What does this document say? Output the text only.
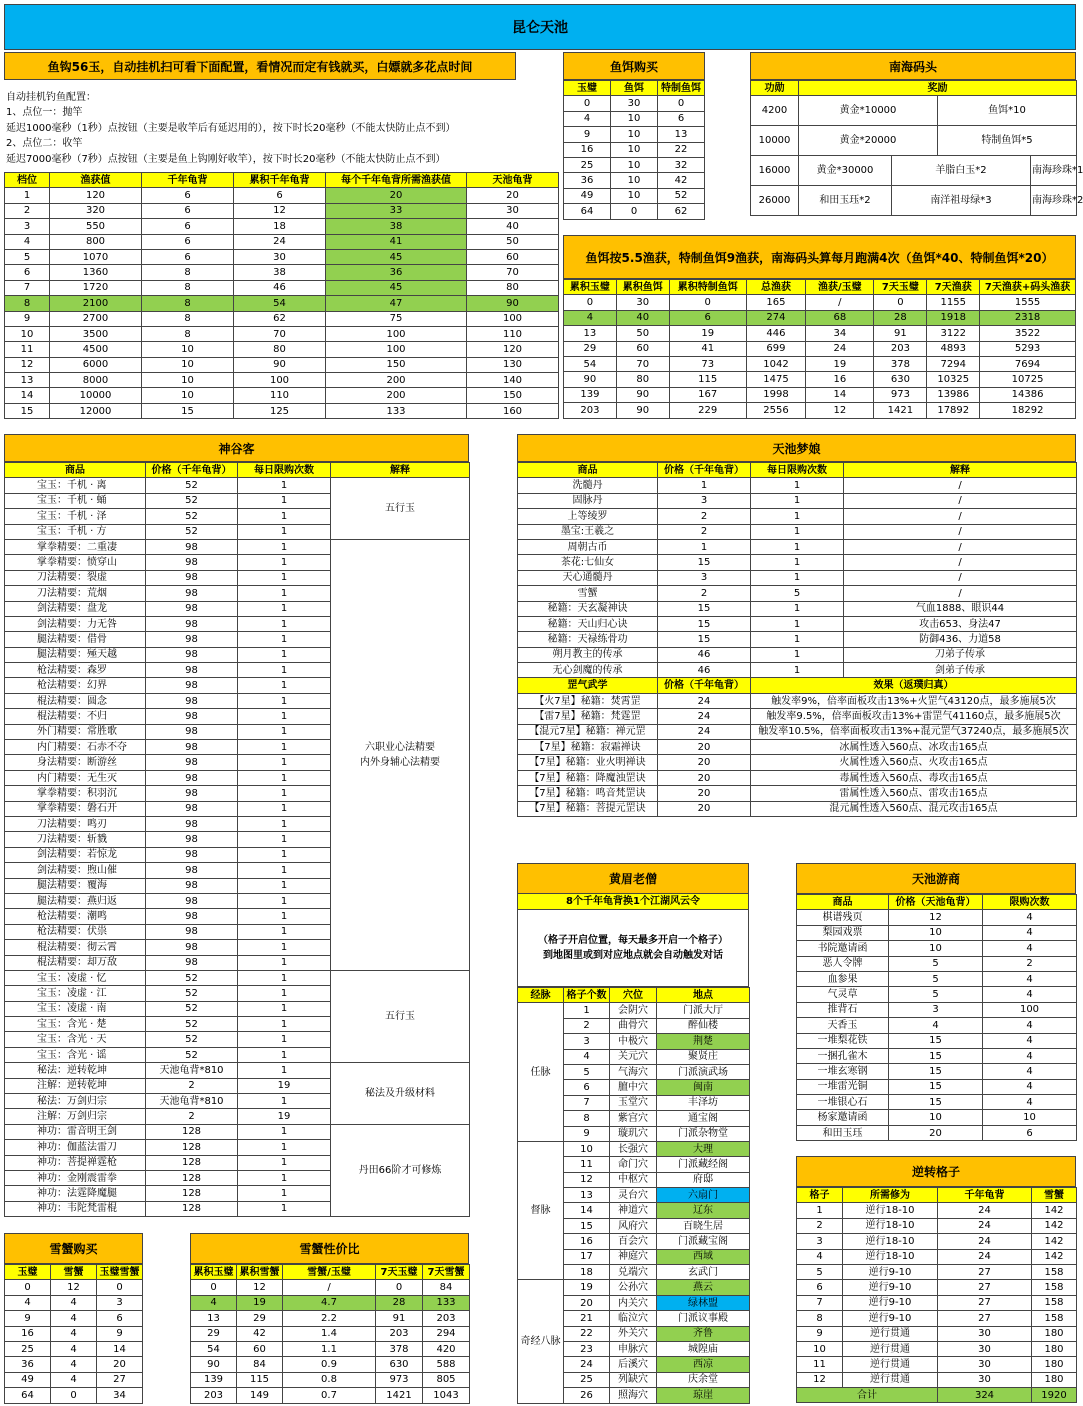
昆仑天池
鱼钩56玉，自动挂机扫可看下面配置，看情况而定有钱就买，白嫖就多花点时间
自动挂机钓鱼配置：
1、点位一：抛竿
延迟1000毫秒（1秒）点按钮（主要是收竿后有延迟用的），按下时长20毫秒（不能太快防止点不到）
2、点位二：收竿
延迟7000毫秒（7秒）点按钮（主要是鱼上钩刚好收竿），按下时长20毫秒（不能太快防止点不到）
档位	渔获值	千年龟背	累积千年龟背	每个千年龟背所需渔获值	天池龟背
1	120	6	6	20	20
2	320	6	12	33	30
3	550	6	18	38	40
4	800	6	24	41	50
5	1070	6	30	45	60
6	1360	8	38	36	70
7	1720	8	46	45	80
8	2100	8	54	47	90
9	2700	8	62	75	100
10	3500	8	70	100	110
11	4500	10	80	100	120
12	6000	10	90	150	130
13	8000	10	100	200	140
14	10000	10	110	200	150
15	12000	15	125	133	160
鱼饵购买
玉璧	鱼饵	特制鱼饵
0	30	0
4	10	6
9	10	13
16	10	22
25	10	32
36	10	42
49	10	52
64	0	62
南海码头
功勋	奖励			
4200	黄金*10000		鱼饵*10	
10000	黄金*20000		特制鱼饵*5	
16000	黄金*30000	羊脂白玉*2		南海珍珠*1
26000	和田玉珏*2	南洋祖母绿*3		南海珍珠*2
鱼饵按5.5渔获，特制鱼饵9渔获，南海码头算每月跑满4次（鱼饵*40、特制鱼饵*20）
累积玉璧	累积鱼饵	累积特制鱼饵	总渔获	渔获/玉璧	7天玉璧	7天渔获	7天渔获+码头渔获
0	30	0	165	/	0	1155	1555
4	40	6	274	68	28	1918	2318
13	50	19	446	34	91	3122	3522
29	60	41	699	24	203	4893	5293
54	70	73	1042	19	378	7294	7694
90	80	115	1475	16	630	10325	10725
139	90	167	1998	14	973	13986	14386
203	90	229	2556	12	1421	17892	18292
神谷客
商品	价格（千年龟背）	每日限购次数	解释
宝玉：千机 · 离	52	1	五行玉
宝玉：千机 · 蛹	52	1	
宝玉：千机 · 泽	52	1	
宝玉：千机 · 方	52	1	
掌拳精要：二重凄	98	1	六职业心法精要
内外身辅心法精要
掌拳精要：愤穿山	98	1	
刀法精要：裂虚	98	1	
刀法精要：荒烟	98	1	
剑法精要：盘龙	98	1	
剑法精要：力无咎	98	1	
腿法精要：借骨	98	1	
腿法精要：殛天越	98	1	
枪法精要：森罗	98	1	
枪法精要：幻界	98	1	
棍法精要：圆念	98	1	
棍法精要：不归	98	1	
外门精要：常胜歌	98	1	
内门精要：石赤不夺	98	1	
身法精要：断游丝	98	1	
内门精要：无生灭	98	1	
掌拳精要：积羽沉	98	1	
掌拳精要：磐石开	98	1	
刀法精要：鸣刃	98	1	
刀法精要：斩戮	98	1	
剑法精要：若惊龙	98	1	
剑法精要：煦山催	98	1	
腿法精要：覆海	98	1	
腿法精要：燕归返	98	1	
枪法精要：潮鸣	98	1	
枪法精要：伏祟	98	1	
棍法精要：彻云霄	98	1	
棍法精要：却万敌	98	1	
宝玉：凌虚 · 忆	52	1	五行玉
宝玉：凌虚 · 江	52	1	
宝玉：凌虚 · 南	52	1	
宝玉：含光 · 楚	52	1	
宝玉：含光 · 天	52	1	
宝玉：含光 · 谣	52	1	
秘法：逆转乾坤	天池龟背*810	1	秘法及升级材料
注解：逆转乾坤	2	19	
秘法：万剑归宗	天池龟背*810	1	
注解：万剑归宗	2	19	
神功：雷音明王剑	128	1	丹田66阶才可修炼
神功：伽蓝法雷刀	128	1	
神功：菩提禅霆枪	128	1	
神功：金刚震雷拳	128	1	
神功：法霆降魔腿	128	1	
神功：韦陀梵雷棍	128	1	
天池梦娘
商品	价格（千年龟背）	每日限购次数	解释
洗髓丹	1	1	/
固脉丹	3	1	/
上等绫罗	2	1	/
墨宝:王羲之	2	1	/
周朝古币	1	1	/
茶花:七仙女	15	1	/
天心通髓丹	3	1	/
雪蟹	2	5	/
秘籍：天玄凝神诀	15	1	气血1888、眼识44
秘籍：天山归心诀	15	1	攻击653、身法47
秘籍：天禄练骨功	15	1	防御436、力道58
朔月教主的传承	46	1	刀弟子传承
无心剑魔的传承	46	1	剑弟子传承
罡气武学	价格（千年龟背）	效果（返璞归真）	
【火7星】秘籍：焚霄罡	24	触发率9%，倍率面板攻击13%+火罡气43120点，最多施展5次	
【雷7星】秘籍：梵霆罡	24	触发率9.5%，倍率面板攻击13%+雷罡气41160点，最多施展5次	
【混元7星】秘籍：禅元罡	24	触发率10.5%，倍率面板攻击13%+混元罡气37240点，最多施展5次	
【7星】秘籍：寂霜禅诀	20	冰属性透入560点、冰攻击165点	
【7星】秘籍：业火明禅诀	20	火属性透入560点、火攻击165点	
【7星】秘籍：降魔浊罡诀	20	毒属性透入560点、毒攻击165点	
【7星】秘籍：鸣音梵罡诀	20	雷属性透入560点、雷攻击165点	
【7星】秘籍：菩提元罡诀	20	混元属性透入560点、混元攻击165点	
黄眉老僧
8个千年龟背换1个江湖风云令
（格子开启位置，每天最多开启一个格子）
到地图里或到对应地点就会自动触发对话
经脉	格子个数	穴位	地点
任脉	1	会阴穴	门派大厅
	2	曲骨穴	醉仙楼
	3	中极穴	荆楚
	4	关元穴	聚贤庄
	5	气海穴	门派演武场
	6	膻中穴	闽南
	7	玉堂穴	丰泽坊
	8	紫宫穴	通宝阁
	9	璇玑穴	门派杂物堂
督脉	10	长强穴	大理
	11	命门穴	门派藏经阁
	12	中枢穴	府邸
	13	灵台穴	六扇门
	14	神道穴	辽东
	15	风府穴	百晓生居
	16	百会穴	门派藏宝阁
	17	神庭穴	西域
	18	兑端穴	玄武门
奇经八脉	19	公孙穴	燕云
	20	内关穴	绿林盟
	21	临泣穴	门派议事殿
	22	外关穴	齐鲁
	23	申脉穴	城隍庙
	24	后溪穴	西凉
	25	列缺穴	庆余堂
	26	照海穴	琼崖
天池游商
商品	价格（天池龟背）	限购次数
棋谱残页	12	4
梨园戏票	10	4
书院邀请函	10	4
恶人令牌	5	2
血参果	5	4
气灵草	5	4
推背石	3	100
天香玉	4	4
一堆梨花铁	15	4
一捆孔雀木	15	4
一堆玄寒钢	15	4
一堆雷光铜	15	4
一堆银心石	15	4
杨家邀请函	10	10
和田玉珏	20	6
逆转格子
格子	所需修为	千年龟背	雪蟹
1	逆行18-10	24	142
2	逆行18-10	24	142
3	逆行18-10	24	142
4	逆行18-10	24	142
5	逆行9-10	27	158
6	逆行9-10	27	158
7	逆行9-10	27	158
8	逆行9-10	27	158
9	逆行贯通	30	180
10	逆行贯通	30	180
11	逆行贯通	30	180
12	逆行贯通	30	180
合计		324	1920
雪蟹购买
玉璧	雪蟹	玉璧雪蟹
0	12	0
4	4	3
9	4	6
16	4	9
25	4	14
36	4	20
49	4	27
64	0	34
雪蟹性价比
累积玉璧	累积雪蟹	雪蟹/玉璧	7天玉璧	7天雪蟹
0	12	/	0	84
4	19	4.7	28	133
13	29	2.2	91	203
29	42	1.4	203	294
54	60	1.1	378	420
90	84	0.9	630	588
139	115	0.8	973	805
203	149	0.7	1421	1043
